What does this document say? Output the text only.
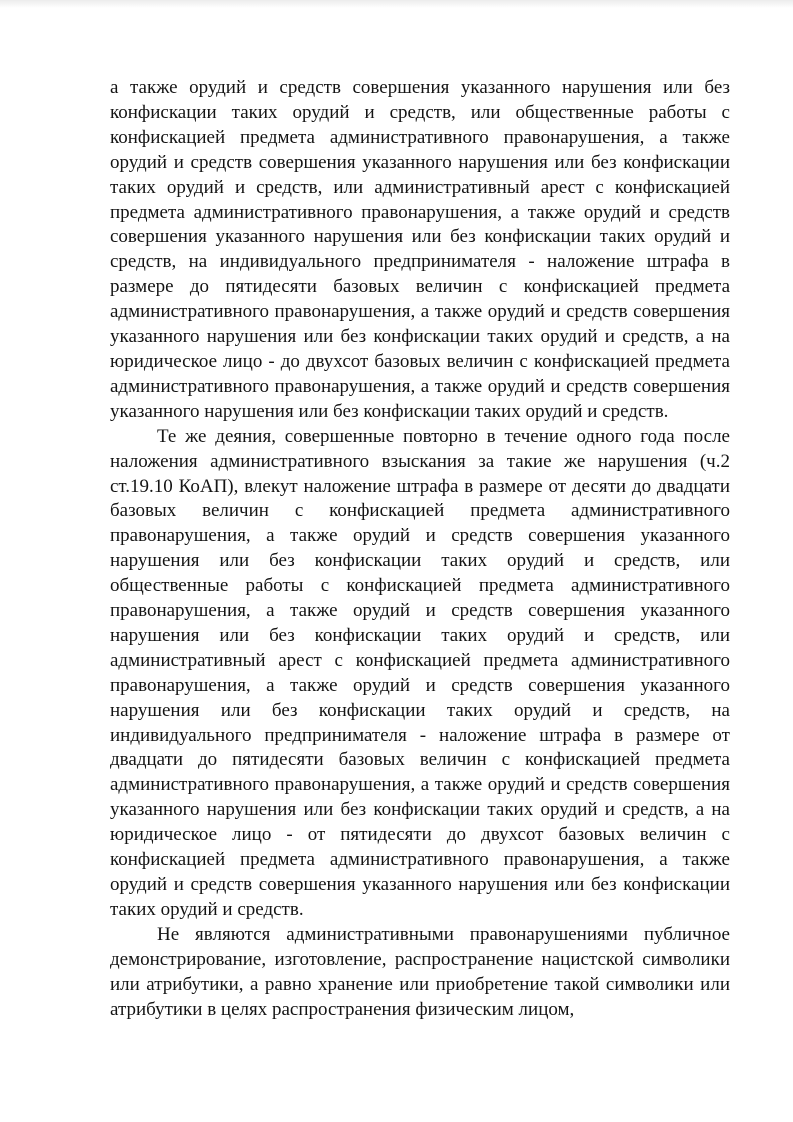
а также орудий и средств совершения указанного нарушения или без конфискации таких орудий и средств, или общественные работы с конфискацией предмета административного правонарушения, а также орудий и средств совершения указанного нарушения или без конфискации таких орудий и средств, или административный арест с конфискацией предмета административного правонарушения, а также орудий и средств совершения указанного нарушения или без конфискации таких орудий и средств, на индивидуального предпринимателя - наложение штрафа в размере до пятидесяти базовых величин с конфискацией предмета административного правонарушения, а также орудий и средств совершения указанного нарушения или без конфискации таких орудий и средств, а на юридическое лицо - до двухсот базовых величин с конфискацией предмета административного правонарушения, а также орудий и средств совершения указанного нарушения или без конфискации таких орудий и средств.

Те же деяния, совершенные повторно в течение одного года после наложения административного взыскания за такие же нарушения (ч.2 ст.19.10 КоАП), влекут наложение штрафа в размере от десяти до двадцати базовых величин с конфискацией предмета административного правонарушения, а также орудий и средств совершения указанного нарушения или без конфискации таких орудий и средств, или общественные работы с конфискацией предмета административного правонарушения, а также орудий и средств совершения указанного нарушения или без конфискации таких орудий и средств, или административный арест с конфискацией предмета административного правонарушения, а также орудий и средств совершения указанного нарушения или без конфискации таких орудий и средств, на индивидуального предпринимателя - наложение штрафа в размере от двадцати до пятидесяти базовых величин с конфискацией предмета административного правонарушения, а также орудий и средств совершения указанного нарушения или без конфискации таких орудий и средств, а на юридическое лицо - от пятидесяти до двухсот базовых величин с конфискацией предмета административного правонарушения, а также орудий и средств совершения указанного нарушения или без конфискации таких орудий и средств.

Не являются административными правонарушениями публичное демонстрирование, изготовление, распространение нацистской символики или атрибутики, а равно хранение или приобретение такой символики или атрибутики в целях распространения физическим лицом,
